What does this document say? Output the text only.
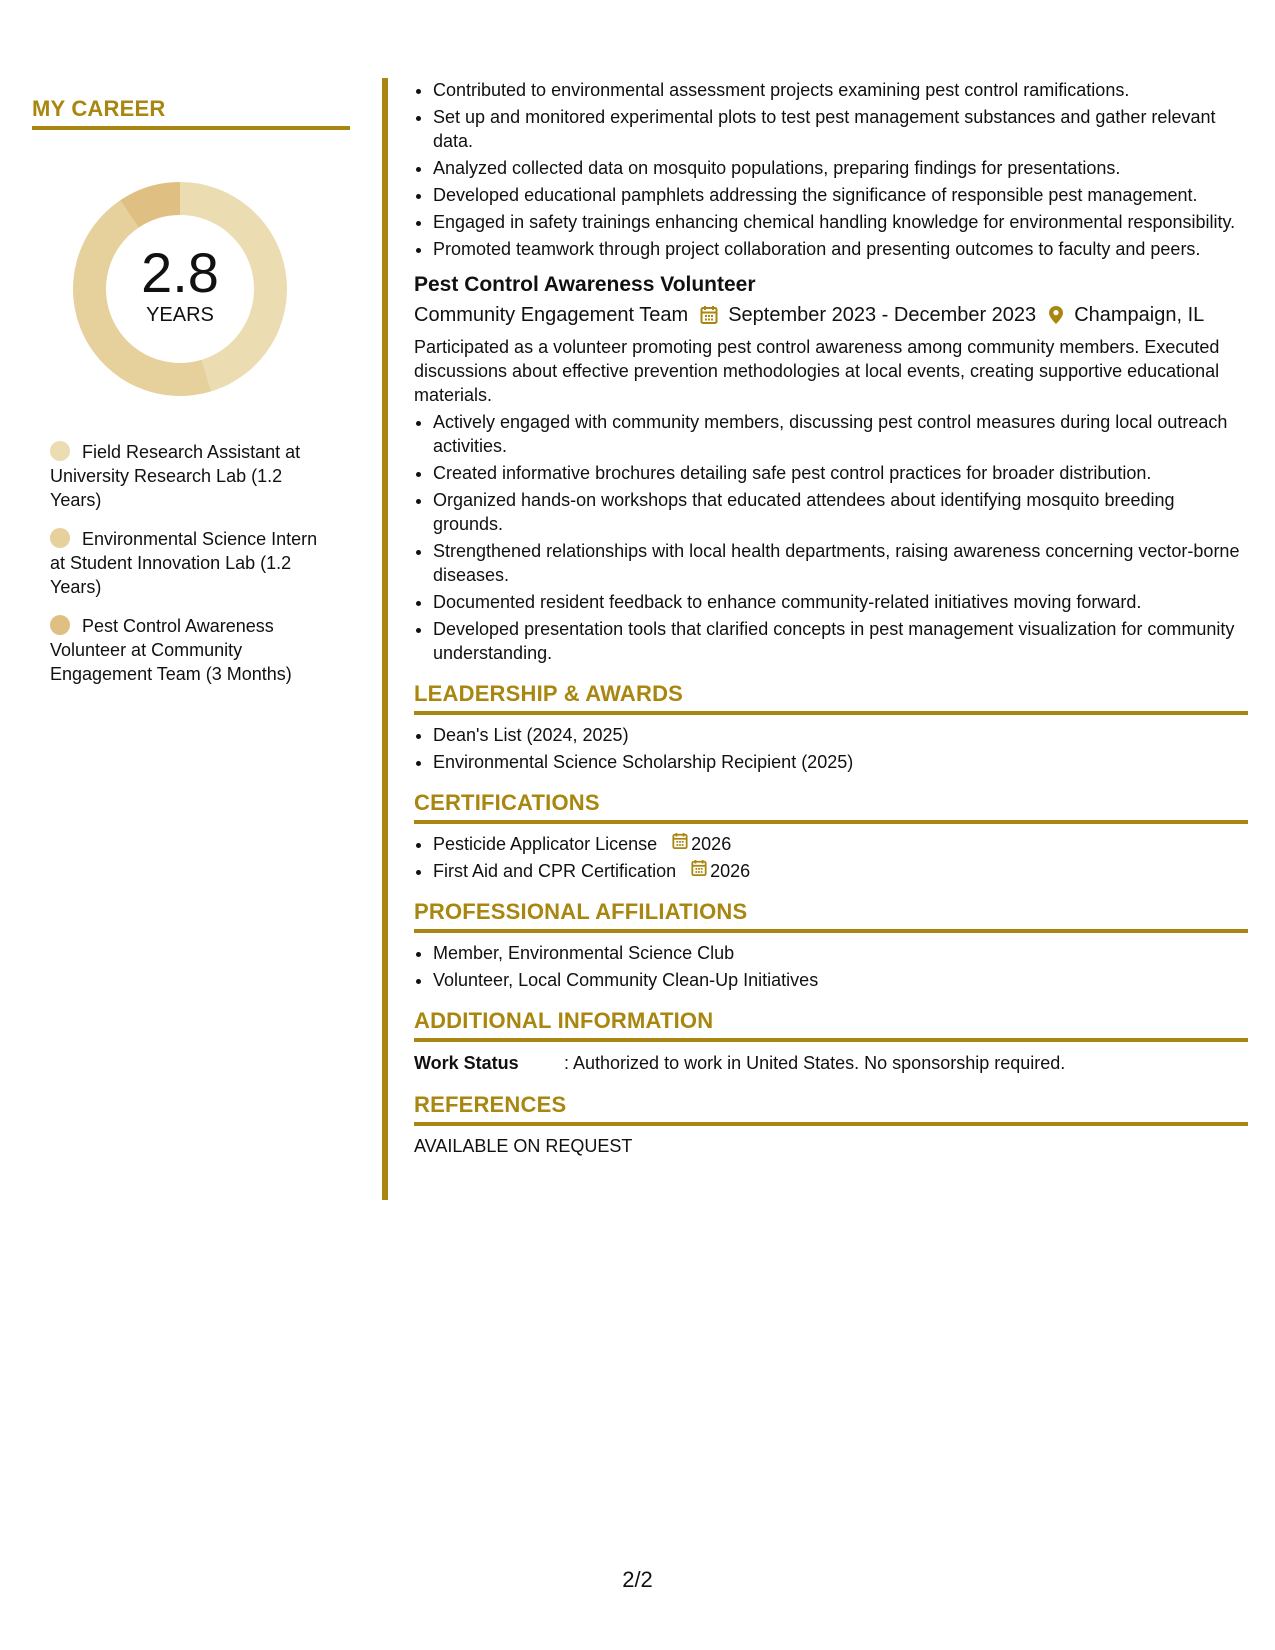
MY CAREER
2.8
YEARS
Field Research Assistant at University Research Lab (1.2 Years)
Environmental Science Intern at Student Innovation Lab (1.2 Years)
Pest Control Awareness Volunteer at Community Engagement Team (3 Months)
• Contributed to environmental assessment projects examining pest control ramifications.
• Set up and monitored experimental plots to test pest management substances and gather relevant data.
• Analyzed collected data on mosquito populations, preparing findings for presentations.
• Developed educational pamphlets addressing the significance of responsible pest management.
• Engaged in safety trainings enhancing chemical handling knowledge for environmental responsibility.
• Promoted teamwork through project collaboration and presenting outcomes to faculty and peers.
Pest Control Awareness Volunteer
Community Engagement Team September 2023 - December 2023 Champaign, IL
Participated as a volunteer promoting pest control awareness among community members. Executed discussions about effective prevention methodologies at local events, creating supportive educational materials.
• Actively engaged with community members, discussing pest control measures during local outreach activities.
• Created informative brochures detailing safe pest control practices for broader distribution.
• Organized hands-on workshops that educated attendees about identifying mosquito breeding grounds.
• Strengthened relationships with local health departments, raising awareness concerning vector-borne diseases.
• Documented resident feedback to enhance community-related initiatives moving forward.
• Developed presentation tools that clarified concepts in pest management visualization for community understanding.
LEADERSHIP & AWARDS
• Dean's List (2024, 2025)
• Environmental Science Scholarship Recipient (2025)
CERTIFICATIONS
• Pesticide Applicator License 2026
• First Aid and CPR Certification 2026
PROFESSIONAL AFFILIATIONS
• Member, Environmental Science Club
• Volunteer, Local Community Clean-Up Initiatives
ADDITIONAL INFORMATION
Work Status	: Authorized to work in United States. No sponsorship required.
REFERENCES
AVAILABLE ON REQUEST
2/2
